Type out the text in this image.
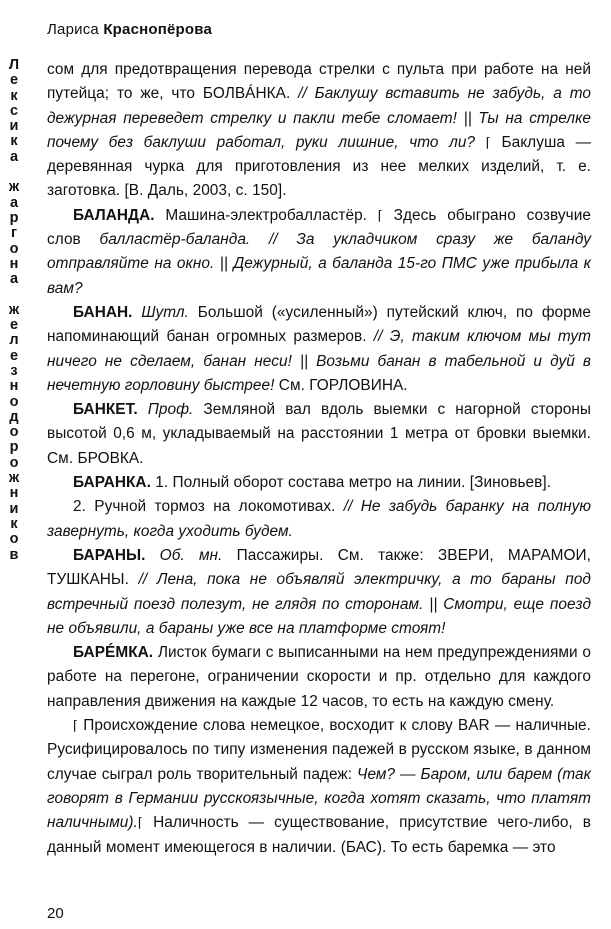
Лариса Краснопёрова
Л
е
к
с
и
к
а
ж
а
р
г
о
н
а
ж
е
л
е
з
н
о
д
о
р
о
ж
н
и
к
о
в

сом для предотвращения перевода стрелки с пульта при работе на ней путейца; то же, что БОЛВÁНКА. // Баклушу вставить не забудь, а то дежурная переведет стрелку и пакли тебе сломает! || Ты на стрелке почему без баклуши работал, руки лишние, что ли? ⌈ Баклуша — деревянная чурка для приготовления из нее мелких изделий, т. е. заготовка. [В. Даль, 2003, с. 150].

БАЛАНДА. Машина-электробалластёр. ⌈ Здесь обыграно созвучие слов балластёр-баланда. // За укладчиком сразу же баланду отправляйте на окно. || Дежурный, а баланда 15-го ПМС уже прибыла к вам?

БАНАН. Шутл. Большой («усиленный») путейский ключ, по форме напоминающий банан огромных размеров. // Э, таким ключом мы тут ничего не сделаем, банан неси! || Возьми банан в табельной и дуй в нечетную горловину быстрее! См. ГОРЛОВИНА.

БАНКЕТ. Проф. Земляной вал вдоль выемки с нагорной стороны высотой 0,6 м, укладываемый на расстоянии 1 метра от бровки выемки. См. БРОВКА.

БАРАНКА. 1. Полный оборот состава метро на линии. [Зиновьев].

2. Ручной тормоз на локомотивах. // Не забудь баранку на полную завернуть, когда уходить будем.

БАРАНЫ. Об. мн. Пассажиры. См. также: ЗВЕРИ, МАРАМОИ, ТУШКАНЫ. // Лена, пока не объявляй электричку, а то бараны под встречный поезд полезут, не глядя по сторонам. || Смотри, еще поезд не объявили, а бараны уже все на платформе стоят!

БАРÉМКА. Листок бумаги с выписанными на нем предупреждениями о работе на перегоне, ограничении скорости и пр. отдельно для каждого направления движения на каждые 12 часов, то есть на каждую смену.

⌈ Происхождение слова немецкое, восходит к слову BAR — наличные. Русифицировалось по типу изменения падежей в русском языке, в данном случае сыграл роль творительный падеж: Чем? — Баром, или барем (так говорят в Германии русскоязычные, когда хотят сказать, что платят наличными).⌈ Наличность — существование, присутствие чего-либо, в данный момент имеющегося в наличии. (БАС). То есть баремка — это

20
